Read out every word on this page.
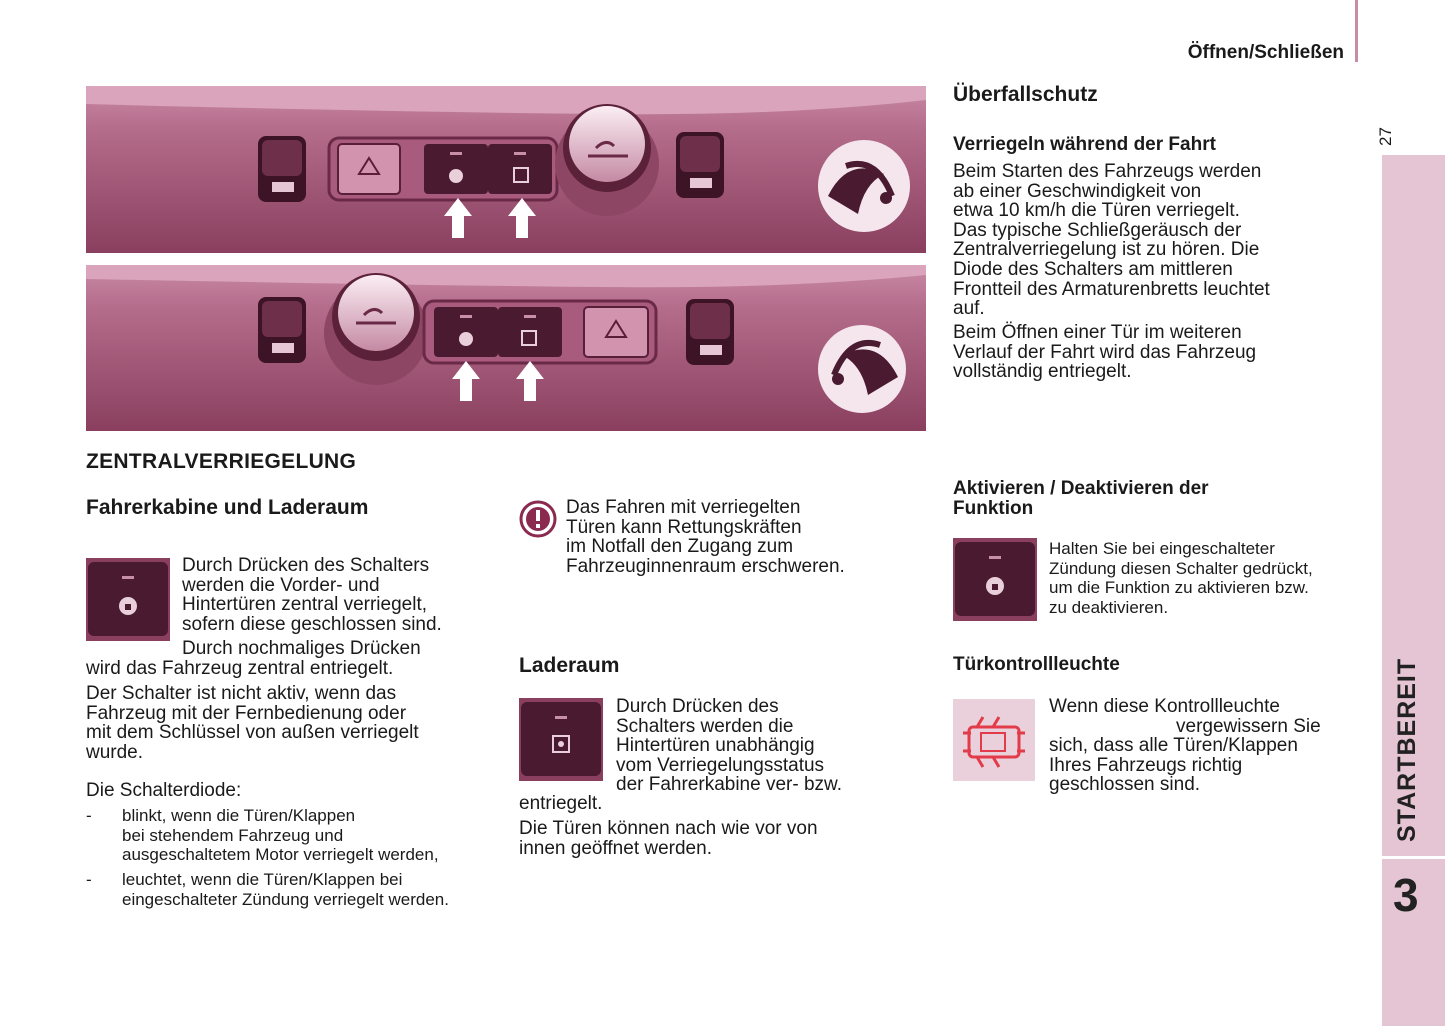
Öffnen/Schließen
27
STARTBEREIT
3
ZENTRALVERRIEGELUNG
Fahrerkabine und Laderaum

Durch Drücken des Schalters

werden die Vorder- und

Hintertüren zentral verriegelt,

sofern diese geschlossen sind.

Durch nochmaliges Drücken

wird das Fahrzeug zentral entriegelt.

Der Schalter ist nicht aktiv, wenn das

Fahrzeug mit der Fernbedienung oder

mit dem Schlüssel von außen verriegelt

wurde.

Die Schalterdiode:

- blinkt, wenn die Türen/Klappen

bei stehendem Fahrzeug und

ausgeschaltetem Motor verriegelt werden,

- leuchtet, wenn die Türen/Klappen bei

eingeschalteter Zündung verriegelt werden.

Das Fahren mit verriegelten

Türen kann Rettungskräften

im Notfall den Zugang zum

Fahrzeuginnenraum erschweren.

Laderaum

Durch Drücken des

Schalters werden die

Hintertüren unabhängig

vom Verriegelungsstatus

der Fahrerkabine ver- bzw.

entriegelt.

Die Türen können nach wie vor von

innen geöffnet werden.

Überfallschutz
Verriegeln während der Fahrt

Beim Starten des Fahrzeugs werden

ab einer Geschwindigkeit von

etwa 10 km/h die Türen verriegelt.

Das typische Schließgeräusch der

Zentralverriegelung ist zu hören. Die

Diode des Schalters am mittleren

Frontteil des Armaturenbretts leuchtet

auf.

Beim Öffnen einer Tür im weiteren

Verlauf der Fahrt wird das Fahrzeug

vollständig entriegelt.

Aktivieren / Deaktivieren der
Funktion

Halten Sie bei eingeschalteter

Zündung diesen Schalter gedrückt,

um die Funktion zu aktivieren bzw.

zu deaktivieren.

Türkontrollleuchte

Wenn diese Kontrollleuchte

vergewissern Sie

sich, dass alle Türen/Klappen

Ihres Fahrzeugs richtig

geschlossen sind.
